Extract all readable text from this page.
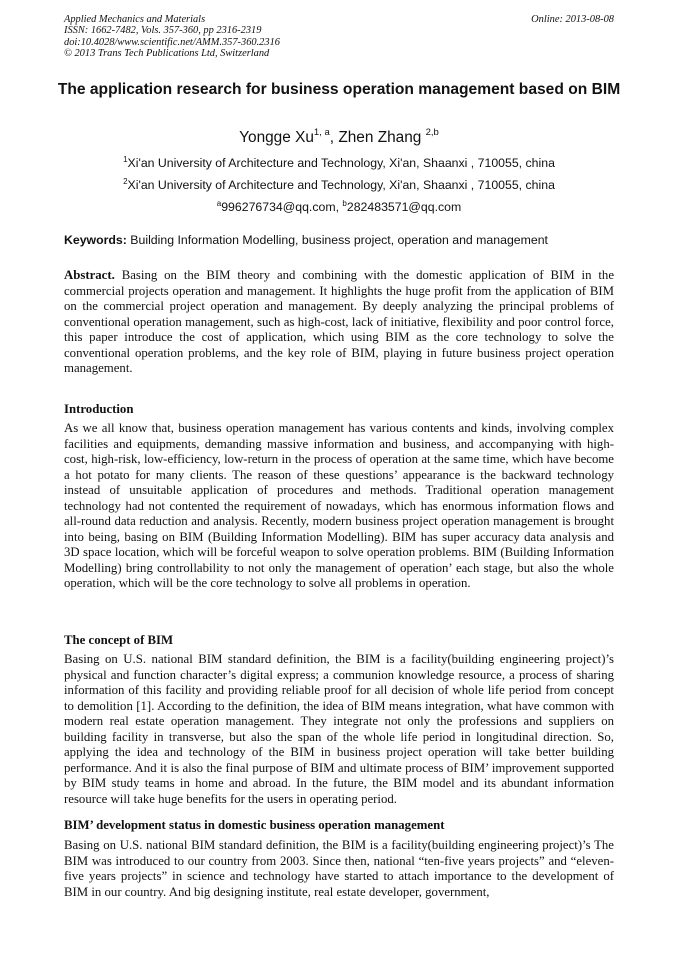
Applied Mechanics and Materials
ISSN: 1662-7482, Vols. 357-360, pp 2316-2319
doi:10.4028/www.scientific.net/AMM.357-360.2316
© 2013 Trans Tech Publications Ltd, Switzerland
Online: 2013-08-08
The application research for business operation management based on BIM
Yongge Xu$^{1, a}$, Zhen Zhang $^{2,b}$
$^1$Xi'an University of Architecture and Technology, Xi'an, Shaanxi , 710055, china
$^2$Xi'an University of Architecture and Technology, Xi'an, Shaanxi , 710055, china
$^a$996276734@qq.com, $^b$282483571@qq.com
Keywords: Building Information Modelling, business project, operation and management
Abstract. Basing on the BIM theory and combining with the domestic application of BIM in the commercial projects operation and management. It highlights the huge profit from the application of BIM on the commercial project operation and management. By deeply analyzing the principal problems of conventional operation management, such as high-cost, lack of initiative, flexibility and poor control force, this paper introduce the cost of application, which using BIM as the core technology to solve the conventional operation problems, and the key role of BIM, playing in future business project operation management.
Introduction
As we all know that, business operation management has various contents and kinds, involving complex facilities and equipments, demanding massive information and business, and accompanying with high-cost, high-risk, low-efficiency, low-return in the process of operation at the same time, which have become a hot potato for many clients. The reason of these questions’ appearance is the backward technology instead of unsuitable application of procedures and methods. Traditional operation management technology had not contented the requirement of nowadays, which has enormous information flows and all-round data reduction and analysis. Recently, modern business project operation management is brought into being, basing on BIM (Building Information Modelling). BIM has super accuracy data analysis and 3D space location, which will be forceful weapon to solve operation problems. BIM (Building Information Modelling) bring controllability to not only the management of operation’ each stage, but also the whole operation, which will be the core technology to solve all problems in operation.
The concept of BIM
Basing on U.S. national BIM standard definition, the BIM is a facility(building engineering project)’s physical and function character’s digital express; a communion knowledge resource, a process of sharing information of this facility and providing reliable proof for all decision of whole life period from concept to demolition [1]. According to the definition, the idea of BIM means integration, what have common with modern real estate operation management. They integrate not only the professions and suppliers on building facility in transverse, but also the span of the whole life period in longitudinal direction. So, applying the idea and technology of the BIM in business project operation will take better building performance. And it is also the final purpose of BIM and ultimate process of BIM’ improvement supported by BIM study teams in home and abroad. In the future, the BIM model and its abundant information resource will take huge benefits for the users in operating period.
BIM’ development status in domestic business operation management
Basing on U.S. national BIM standard definition, the BIM is a facility(building engineering project)’s The BIM was introduced to our country from 2003. Since then, national “ten-five years projects” and “eleven-five years projects” in science and technology have started to attach importance to the development of BIM in our country. And big designing institute, real estate developer, government,
